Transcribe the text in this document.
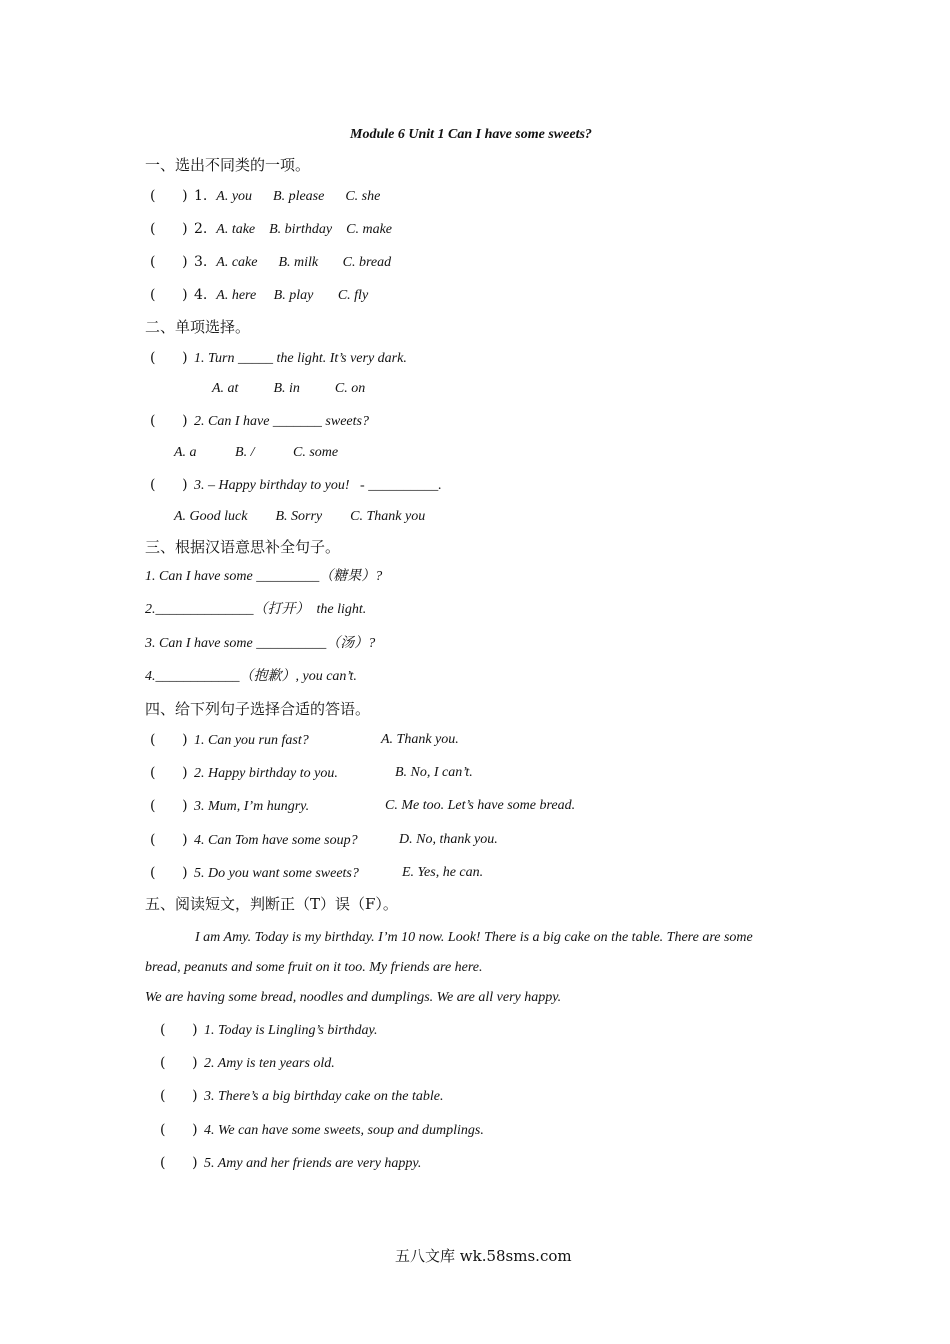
Module 6 Unit 1 Can I have some sweets?
一、选出不同类的一项。
(      ) 1. A. you      B. please      C. she
(      ) 2. A. take    B. birthday    C. make
(      ) 3. A. cake      B. milk       C. bread
(      ) 4. A. here     B. play       C. fly
二、单项选择。
(      ) 1. Turn _____ the light. It’s very dark.
A. at          B. in          C. on
(      ) 2. Can I have _______ sweets?
A. a           B. /           C. some
(      ) 3. – Happy birthday to you!   - __________.
A. Good luck        B. Sorry        C. Thank you
三、根据汉语意思补全句子。
1. Can I have some _________（糖果）?
2.______________（打开）  the light.
3. Can I have some __________（汤）?
4.____________（抱歉）, you can’t.
四、给下列句子选择合适的答语。
(      ) 1. Can you run fast?	A. Thank you.
(      ) 2. Happy birthday to you.	B. No, I can’t.
(      ) 3. Mum, I’m hungry.	C. Me too. Let’s have some bread.
(      ) 4. Can Tom have some soup?	D. No, thank you.
(      ) 5. Do you want some sweets?	E. Yes, he can.
五、阅读短文，判断正（T）误（F）。
I am Amy. Today is my birthday. I’m 10 now. Look! There is a big cake on the table. There are some
bread, peanuts and some fruit on it too. My friends are here.
We are having some bread, noodles and dumplings. We are all very happy.
(      ) 1. Today is Lingling’s birthday.
(      ) 2. Amy is ten years old.
(      ) 3. There’s a big birthday cake on the table.
(      ) 4. We can have some sweets, soup and dumplings.
(      ) 5. Amy and her friends are very happy.
五八文库 wk.58sms.com
